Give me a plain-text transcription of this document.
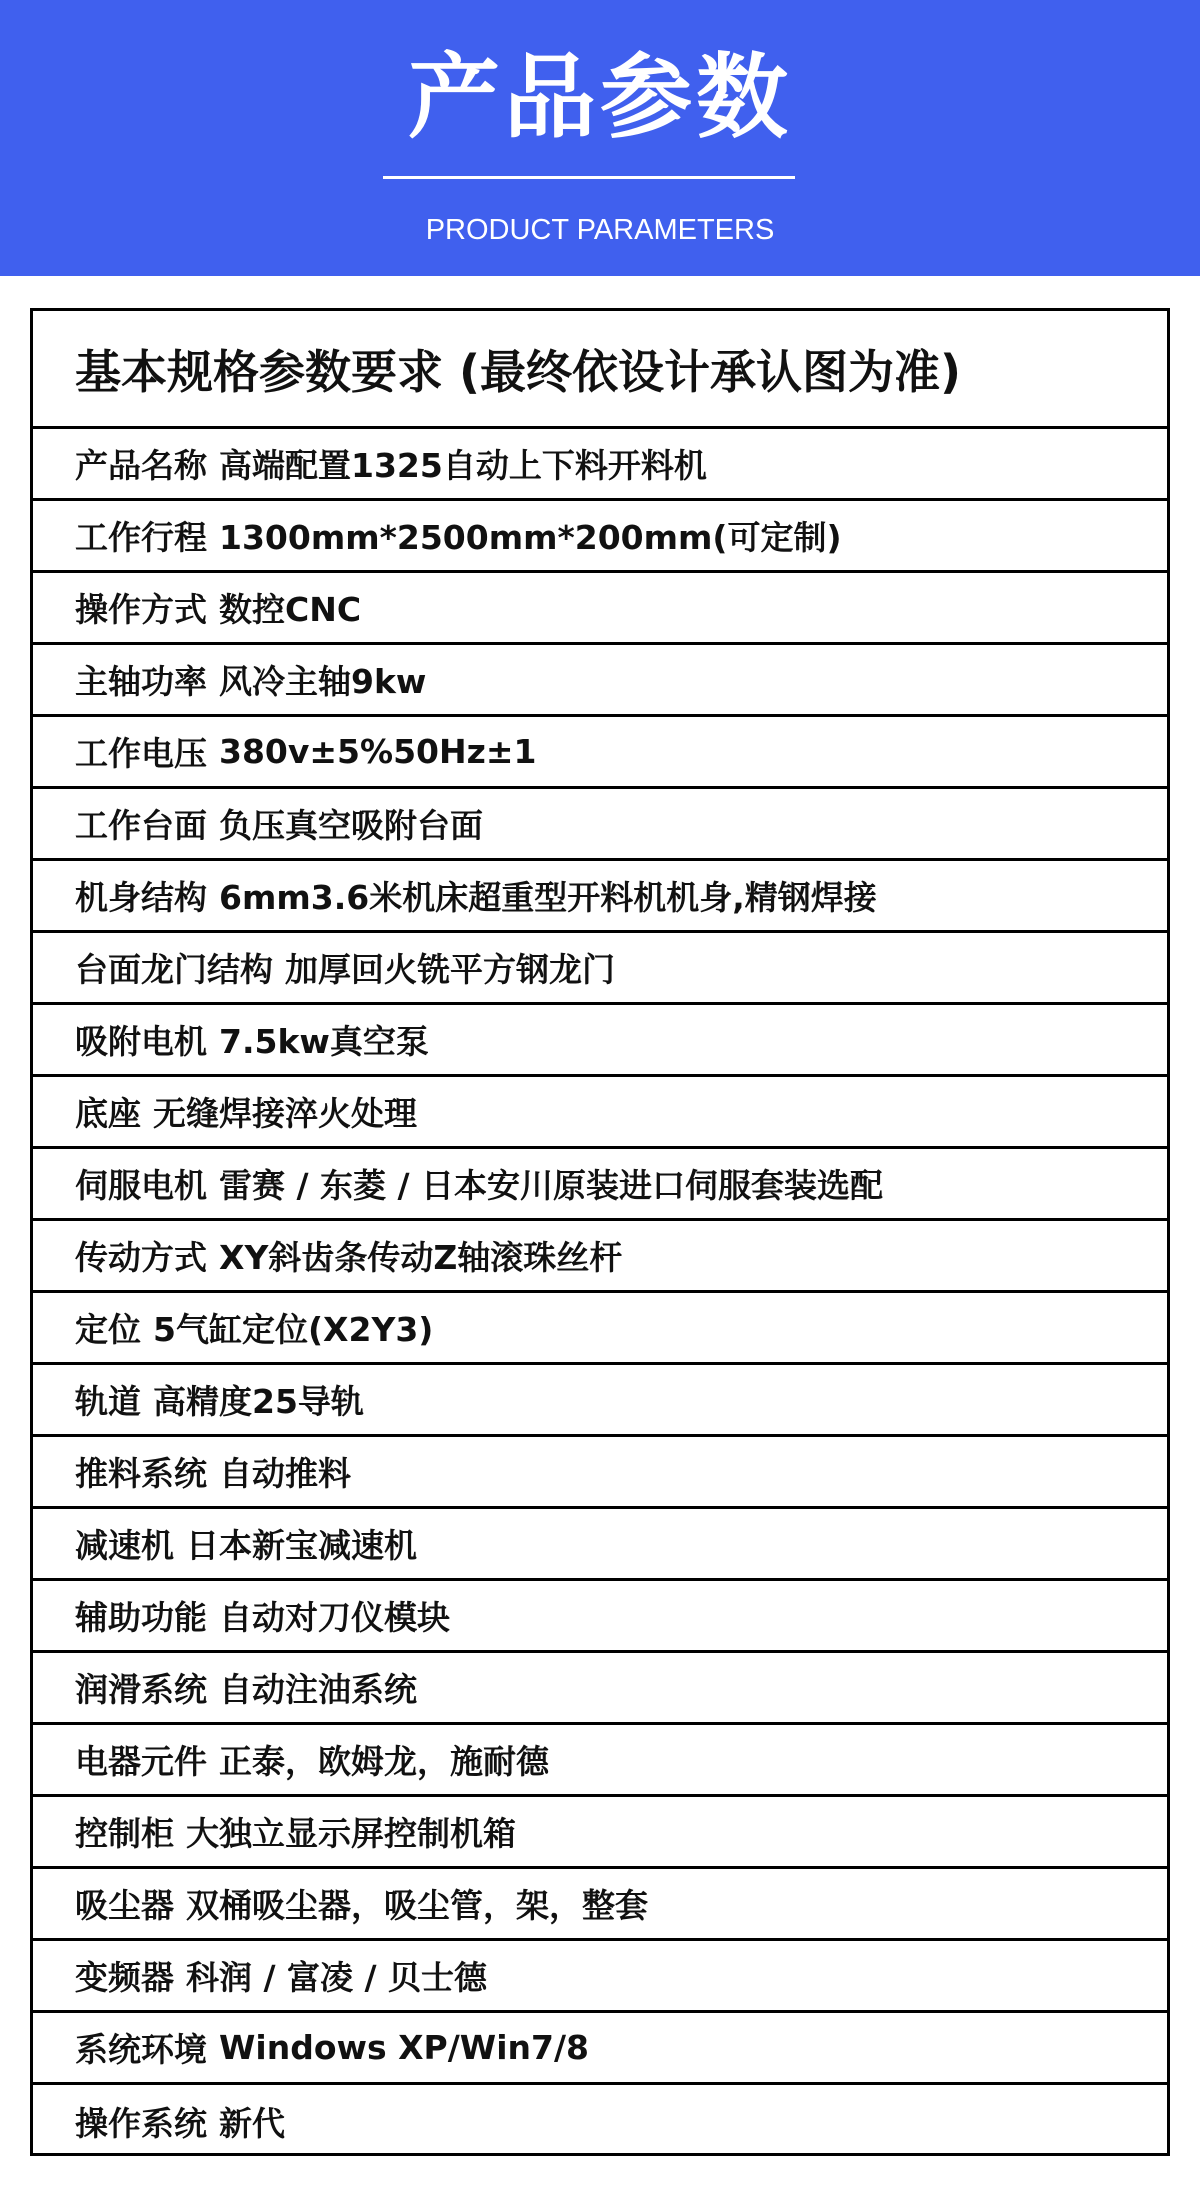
产品参数
PRODUCT PARAMETERS
基本规格参数要求 (最终依设计承认图为准)
产品名称 高端配置1325自动上下料开料机
工作行程 1300mm*2500mm*200mm(可定制)
操作方式 数控CNC
主轴功率 风冷主轴9kw
工作电压 380v±5%50Hz±1
工作台面 负压真空吸附台面
机身结构 6mm3.6米机床超重型开料机机身,精钢焊接
台面龙门结构 加厚回火铣平方钢龙门
吸附电机 7.5kw真空泵
底座 无缝焊接淬火处理
伺服电机 雷赛 / 东菱 / 日本安川原装进口伺服套装选配
传动方式 XY斜齿条传动Z轴滚珠丝杆
定位 5气缸定位(X2Y3)
轨道 高精度25导轨
推料系统 自动推料
减速机 日本新宝减速机
辅助功能 自动对刀仪模块
润滑系统 自动注油系统
电器元件 正泰，欧姆龙，施耐德
控制柜 大独立显示屏控制机箱
吸尘器 双桶吸尘器，吸尘管，架，整套
变频器 科润 / 富凌 / 贝士德
系统环境 Windows XP/Win7/8
操作系统 新代
